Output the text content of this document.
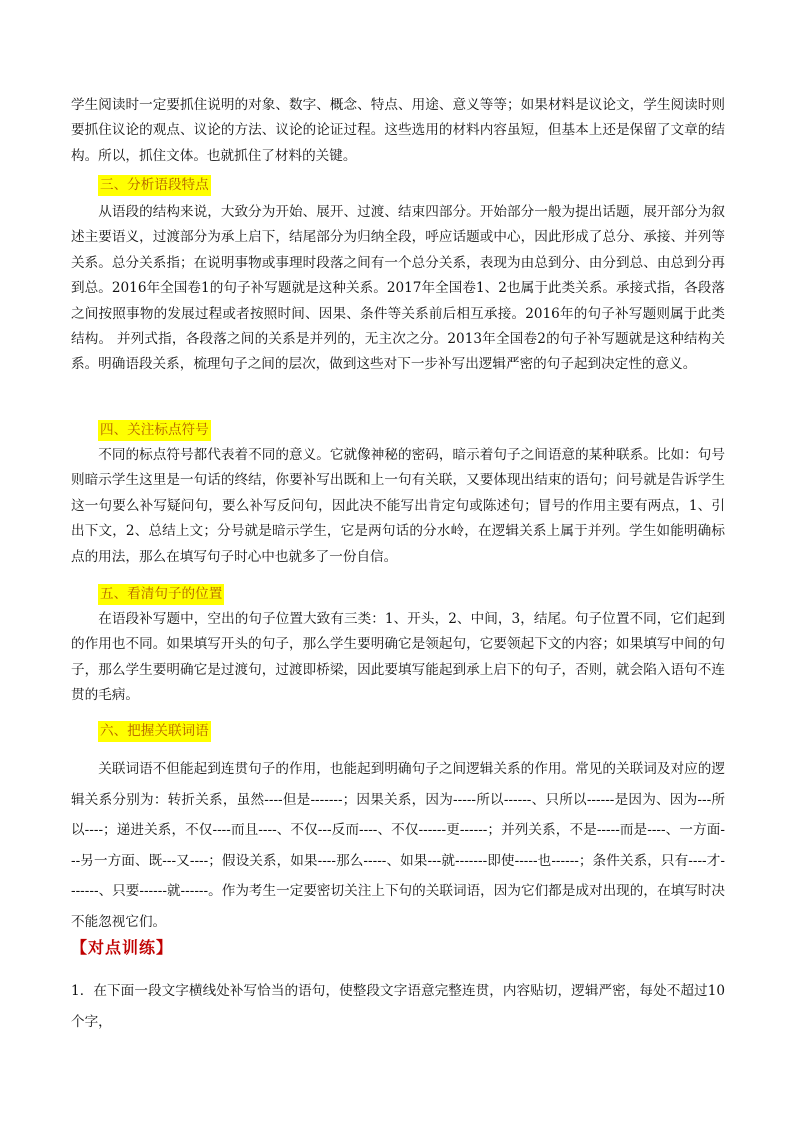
学生阅读时一定要抓住说明的对象、数字、概念、特点、用途、意义等等；如果材料是议论文，学生阅读时则要抓住议论的观点、议论的方法、议论的论证过程。这些选用的材料内容虽短，但基本上还是保留了文章的结构。所以，抓住文体。也就抓住了材料的关键。

三、分析语段特点

从语段的结构来说，大致分为开始、展开、过渡、结束四部分。开始部分一般为提出话题，展开部分为叙述主要语义，过渡部分为承上启下，结尾部分为归纳全段，呼应话题或中心，因此形成了总分、承接、并列等关系。总分关系指；在说明事物或事理时段落之间有一个总分关系，表现为由总到分、由分到总、由总到分再到总。2016年全国卷1的句子补写题就是这种关系。2017年全国卷1、2也属于此类关系。承接式指，各段落之间按照事物的发展过程或者按照时间、因果、条件等关系前后相互承接。2016年的句子补写题则属于此类结构。 并列式指，各段落之间的关系是并列的，无主次之分。2013年全国卷2的句子补写题就是这种结构关系。明确语段关系，梳理句子之间的层次，做到这些对下一步补写出逻辑严密的句子起到决定性的意义。

四、关注标点符号

不同的标点符号都代表着不同的意义。它就像神秘的密码，暗示着句子之间语意的某种联系。比如：句号则暗示学生这里是一句话的终结，你要补写出既和上一句有关联，又要体现出结束的语句；问号就是告诉学生这一句要么补写疑问句，要么补写反问句，因此决不能写出肯定句或陈述句；冒号的作用主要有两点，1、引出下文，2、总结上文；分号就是暗示学生，它是两句话的分水岭，在逻辑关系上属于并列。学生如能明确标点的用法，那么在填写句子时心中也就多了一份自信。

五、看清句子的位置

在语段补写题中，空出的句子位置大致有三类：1、开头，2、中间，3，结尾。句子位置不同，它们起到的作用也不同。如果填写开头的句子，那么学生要明确它是领起句，它要领起下文的内容；如果填写中间的句子，那么学生要明确它是过渡句，过渡即桥梁，因此要填写能起到承上启下的句子，否则，就会陷入语句不连贯的毛病。

六、把握关联词语

关联词语不但能起到连贯句子的作用，也能起到明确句子之间逻辑关系的作用。常见的关联词及对应的逻辑关系分别为：转折关系，虽然----但是-------；因果关系，因为-----所以------、只所以------是因为、因为---所以----；递进关系，不仅----而且----、不仅---反而----、不仅------更------；并列关系，不是-----而是----、一方面---另一方面、既---又----；假设关系，如果----那么-----、如果---就-------即使-----也------；条件关系，只有----才-------、只要------就------。作为考生一定要密切关注上下句的关联词语，因为它们都是成对出现的，在填写时决不能忽视它们。

【对点训练】

1．在下面一段文字横线处补写恰当的语句，使整段文字语意完整连贯，内容贴切，逻辑严密，每处不超过10个字，
